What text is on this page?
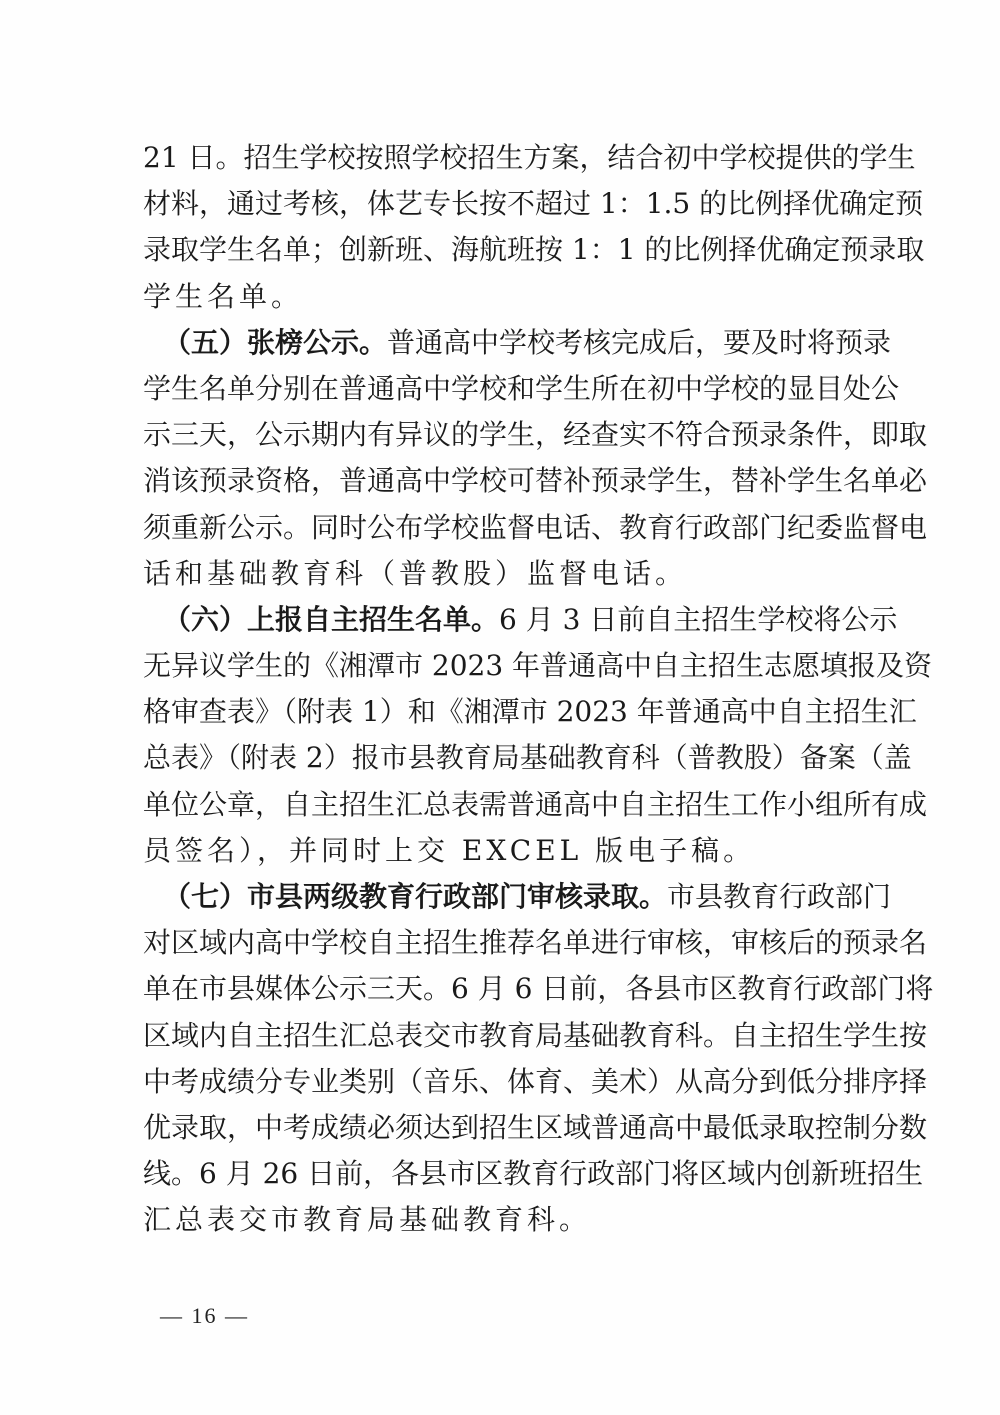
21 日。招生学校按照学校招生方案，结合初中学校提供的学生
材料，通过考核，体艺专长按不超过 1：1.5 的比例择优确定预
录取学生名单；创新班、海航班按 1：1 的比例择优确定预录取
学生名单。
（五）张榜公示。普通高中学校考核完成后，要及时将预录
学生名单分别在普通高中学校和学生所在初中学校的显目处公
示三天，公示期内有异议的学生，经查实不符合预录条件，即取
消该预录资格，普通高中学校可替补预录学生，替补学生名单必
须重新公示。同时公布学校监督电话、教育行政部门纪委监督电
话和基础教育科（普教股）监督电话。
（六）上报自主招生名单。6 月 3 日前自主招生学校将公示
无异议学生的《湘潭市 2023 年普通高中自主招生志愿填报及资
格审查表》（附表 1）和《湘潭市 2023 年普通高中自主招生汇
总表》（附表 2）报市县教育局基础教育科（普教股）备案（盖
单位公章，自主招生汇总表需普通高中自主招生工作小组所有成
员签名），并同时上交 EXCEL 版电子稿。
（七）市县两级教育行政部门审核录取。市县教育行政部门
对区域内高中学校自主招生推荐名单进行审核，审核后的预录名
单在市县媒体公示三天。6 月 6 日前，各县市区教育行政部门将
区域内自主招生汇总表交市教育局基础教育科。自主招生学生按
中考成绩分专业类别（音乐、体育、美术）从高分到低分排序择
优录取，中考成绩必须达到招生区域普通高中最低录取控制分数
线。6 月 26 日前，各县市区教育行政部门将区域内创新班招生
汇总表交市教育局基础教育科。
— 16 —
